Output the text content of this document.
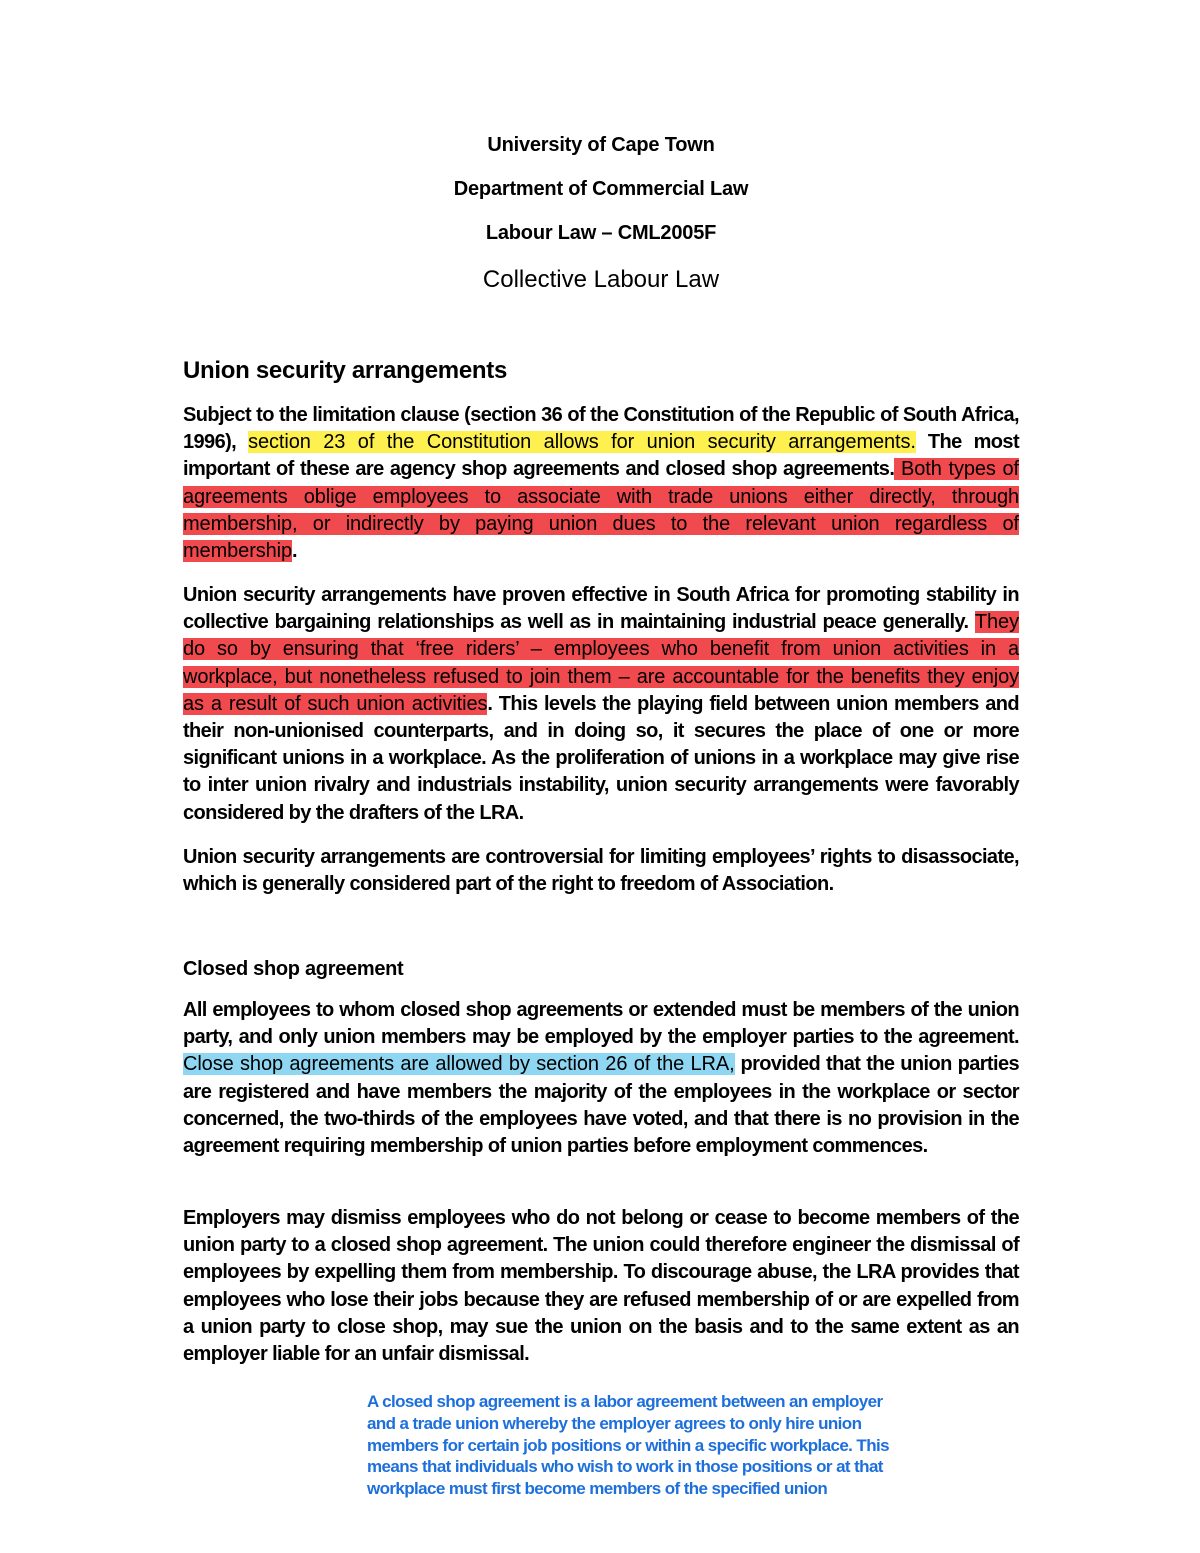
University of Cape Town
Department of Commercial Law
Labour Law – CML2005F
Collective Labour Law
Union security arrangements
Subject to the limitation clause (section 36 of the Constitution of the Republic of South Africa, 1996), section 23 of the Constitution allows for union security arrangements. The most important of these are agency shop agreements and closed shop agreements. Both types of agreements oblige employees to associate with trade unions either directly, through membership, or indirectly by paying union dues to the relevant union regardless of membership.
Union security arrangements have proven effective in South Africa for promoting stability in collective bargaining relationships as well as in maintaining industrial peace generally. They do so by ensuring that ‘free riders’ – employees who benefit from union activities in a workplace, but nonetheless refused to join them – are accountable for the benefits they enjoy as a result of such union activities. This levels the playing field between union members and their non-unionised counterparts, and in doing so, it secures the place of one or more significant unions in a workplace. As the proliferation of unions in a workplace may give rise to inter union rivalry and industrials instability, union security arrangements were favorably considered by the drafters of the LRA.
Union security arrangements are controversial for limiting employees’ rights to disassociate, which is generally considered part of the right to freedom of Association.
Closed shop agreement
All employees to whom closed shop agreements or extended must be members of the union party, and only union members may be employed by the employer parties to the agreement. Close shop agreements are allowed by section 26 of the LRA, provided that the union parties are registered and have members the majority of the employees in the workplace or sector concerned, the two-thirds of the employees have voted, and that there is no provision in the agreement requiring membership of union parties before employment commences.
Employers may dismiss employees who do not belong or cease to become members of the union party to a closed shop agreement. The union could therefore engineer the dismissal of employees by expelling them from membership. To discourage abuse, the LRA provides that employees who lose their jobs because they are refused membership of or are expelled from a union party to close shop, may sue the union on the basis and to the same extent as an employer liable for an unfair dismissal.
A closed shop agreement is a labor agreement between an employer and a trade union whereby the employer agrees to only hire union members for certain job positions or within a specific workplace. This means that individuals who wish to work in those positions or at that workplace must first become members of the specified union
